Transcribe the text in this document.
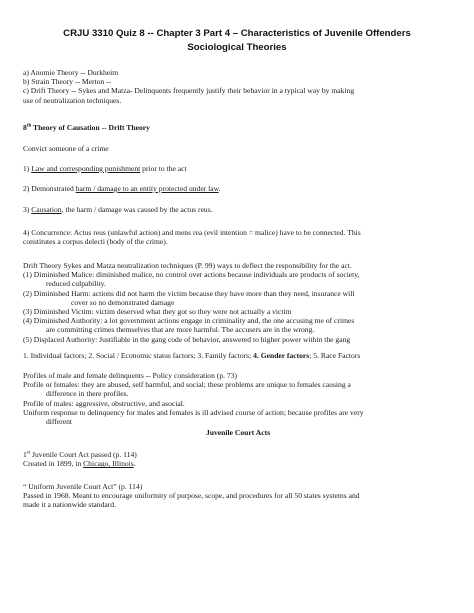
CRJU 3310 Quiz 8 -- Chapter 3 Part 4 – Characteristics of Juvenile Offenders
Sociological Theories
a) Anomie Theory -- Durkheim
b) Strain Theory -- Merton --
c) Drift Theory -- Sykes and Matza- Delinquents frequently justify their behavior in a typical way by making
use of neutralization techniques.
8th Theory of Causation -- Drift Theory
Convict someone of a crime
1) Law and corresponding punishment prior to the act
2) Demonstrated harm / damage to an entity protected under law.
3) Causation, the harm / damage was caused by the actus reus.
4) Concurrence: Actus reus (unlawful action) and mens rea (evil intention = malice) have to be connected. This
constitutes a corpus delecti (body of the crime).
Drift Theory Sykes and Matza neutralization techniques (P. 99) ways to deflect the responsibility for the act.
(1) Diminished Malice: diminished malice, no control over actions because individuals are products of society,
reduced culpability.
(2) Diminished Harm: actions did not harm the victim because they have more than they need, insurance will
cover so no demonstrated damage
(3) Diminished Victim: victim deserved what they got so they were not actually a victim
(4) Diminished Authority: a lot government actions engage in criminality and, the one accusing me of crimes
are committing crimes themselves that are more harmful. The accusers are in the wrong.
(5) Displaced Authority: Justifiable in the gang code of behavior, answered to higher power within the gang
1. Individual factors; 2. Social / Economic status factors; 3. Family factors; 4. Gender factors; 5. Race Factors
Profiles of male and female delinquents -- Policy consideration (p. 73)
Profile or females: they are abused, self harmful, and social; these problems are unique to females causing a
difference in there profiles.
Profile of males: aggressive, obstructive, and asocial.
Uniform response to delinquency for males and females is ill advised course of action; because profiles are very
different
Juvenile Court Acts
1st Juvenile Court Act passed (p. 114)
Created in 1899, in Chicago, Illinois.
“ Uniform Juvenile Court Act” (p. 114)
Passed in 1968. Meant to encourage uniformity of purpose, scope, and procedures for all 50 states systems and
made it a nationwide standard.
